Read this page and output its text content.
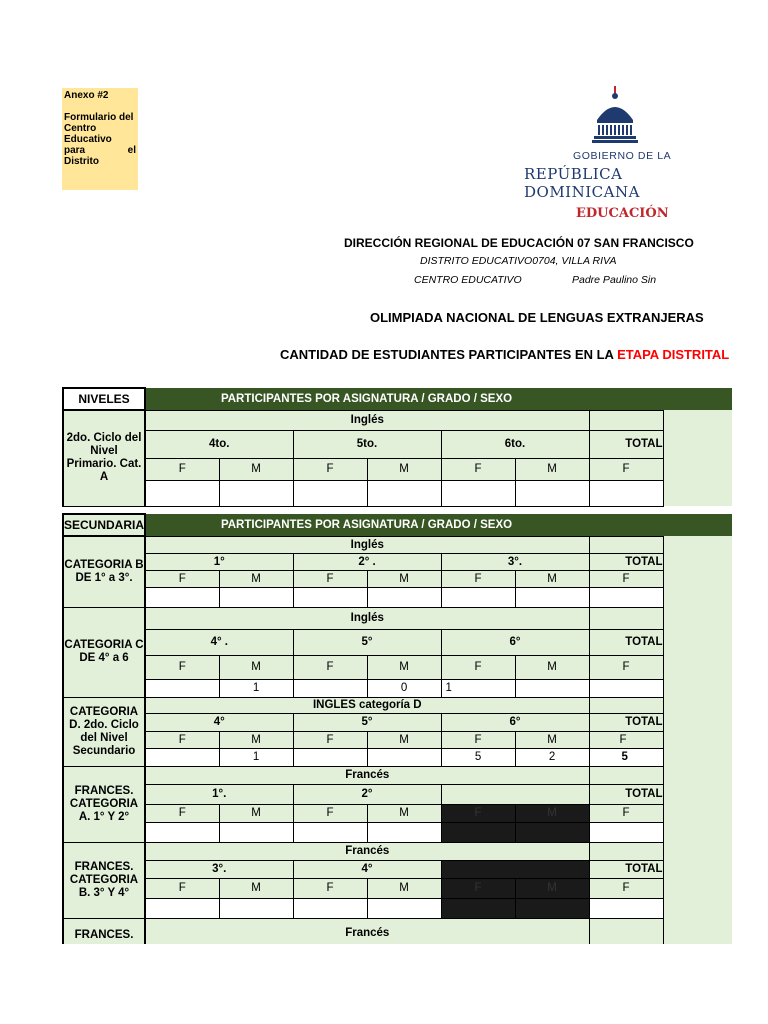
Anexo #2
Formulario del
Centro
Educativo
para el
Distrito	GOBIERNO DE LA
REPÚBLICA DOMINICANA
EDUCACIÓN
DIRECCIÓN REGIONAL DE EDUCACIÓN 07 SAN FRANCISCO
DISTRITO EDUCATIVO0704, VILLA RIVA
CENTRO EDUCATIVO	Padre Paulino Sin
OLIMPIADA NACIONAL DE LENGUAS EXTRANJERAS
CANTIDAD DE ESTUDIANTES PARTICIPANTES EN LA ETAPA DISTRITAL
NIVELES	PARTICIPANTES POR ASIGNATURA / GRADO / SEXO							
2do. Ciclo del Nivel Primario. Cat. A	Inglés							
	4to.		5to.		6to.		TOTAL	
	F	M	F	M	F	M	F	

SECUNDARIA	PARTICIPANTES POR ASIGNATURA / GRADO / SEXO							
CATEGORIA B DE 1° a 3°.	Inglés							
	1°		2° .		3°.		TOTAL	
	F	M	F	M	F	M	F	

CATEGORIA C DE 4° a 6	Inglés							
	4° .		5°		6°		TOTAL	
	F	M	F	M	F	M	F	
		1		0	1			
CATEGORIA D. 2do. Ciclo del Nivel Secundario	INGLES categoría D							
	4°		5°		6°		TOTAL	
	F	M	F	M	F	M	F	
		1			5	2	5	
FRANCES. CATEGORIA A. 1° Y 2°	Francés							
	1°.		2°				TOTAL	
	F	M	F	M	F	M	F	

FRANCES. CATEGORIA B. 3° Y 4°	Francés							
	3°.		4°				TOTAL	
	F	M	F	M	F	M	F	

FRANCES.	Francés							
